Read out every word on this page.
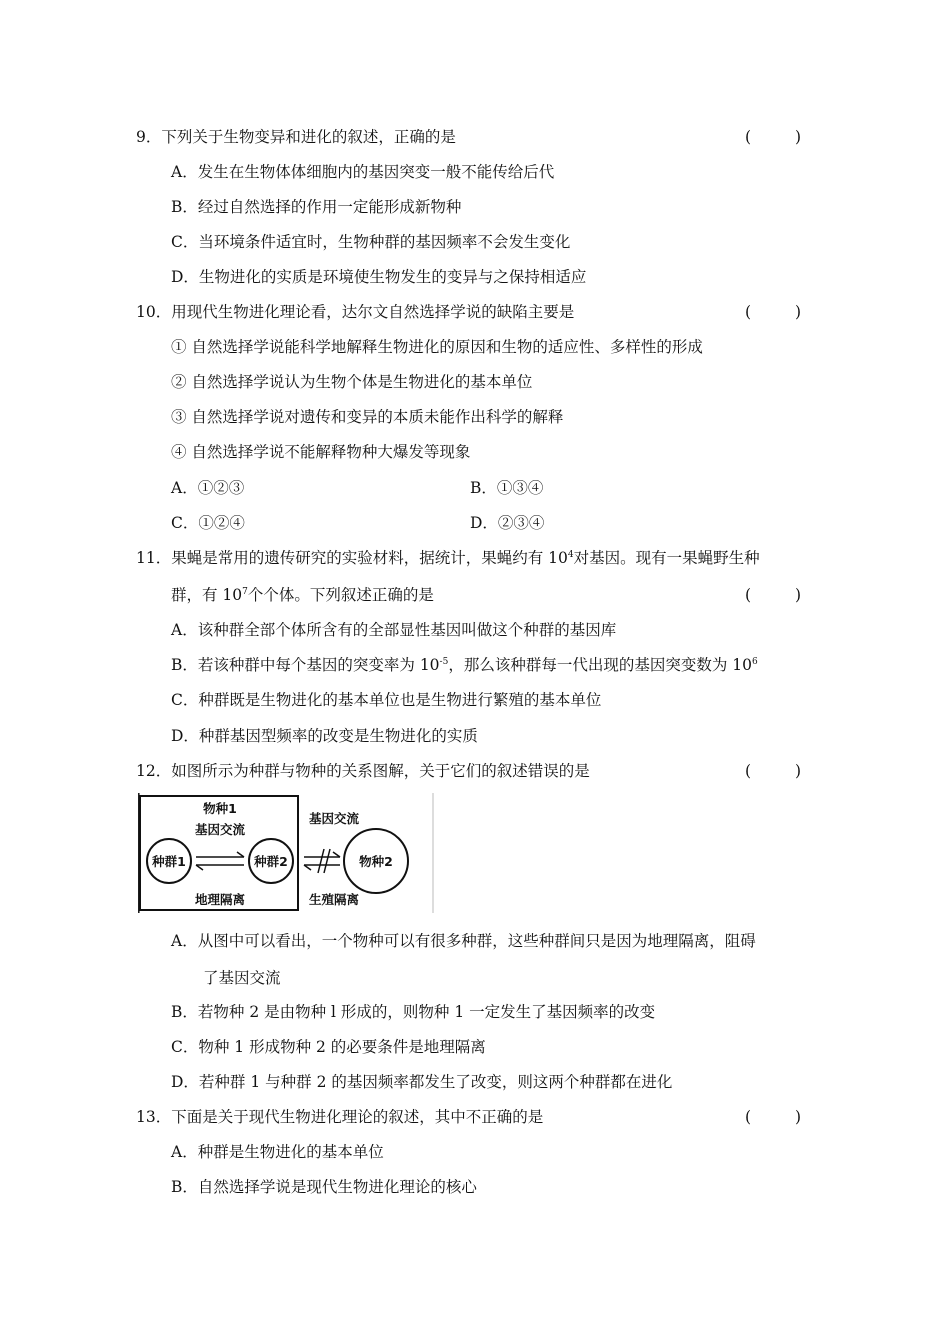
9．下列关于生物变异和进化的叙述，正确的是	(	)
A．发生在生物体体细胞内的基因突变一般不能传给后代
B．经过自然选择的作用一定能形成新物种
C．当环境条件适宜时，生物种群的基因频率不会发生变化
D．生物进化的实质是环境使生物发生的变异与之保持相适应
10．用现代生物进化理论看，达尔文自然选择学说的缺陷主要是	(	)
① 自然选择学说能科学地解释生物进化的原因和生物的适应性、多样性的形成
② 自然选择学说认为生物个体是生物进化的基本单位
③ 自然选择学说对遗传和变异的本质未能作出科学的解释
④ 自然选择学说不能解释物种大爆发等现象
A．①②③	B．①③④
C．①②④	D．②③④
11．果蝇是常用的遗传研究的实验材料，据统计，果蝇约有 $10^4$对基因。现有一果蝇野生种
群，有 $10^7$个个体。下列叙述正确的是	(	)
A．该种群全部个体所含有的全部显性基因叫做这个种群的基因库
B．若该种群中每个基因的突变率为 $10^{-5}$，那么该种群每一代出现的基因突变数为 $10^6$
C．种群既是生物进化的基本单位也是生物进行繁殖的基本单位
D．种群基因型频率的改变是生物进化的实质
12．如图所示为种群与物种的关系图解，关于它们的叙述错误的是	(	)
物种1
基因交流
种群1	种群2
地理隔离
基因交流
物种2
生殖隔离
A．从图中可以看出，一个物种可以有很多种群，这些种群间只是因为地理隔离，阻碍
了基因交流
B．若物种 2 是由物种 l 形成的，则物种 1 一定发生了基因频率的改变
C．物种 1 形成物种 2 的必要条件是地理隔离
D．若种群 1 与种群 2 的基因频率都发生了改变，则这两个种群都在进化
13．下面是关于现代生物进化理论的叙述，其中不正确的是	(	)
A．种群是生物进化的基本单位
B．自然选择学说是现代生物进化理论的核心
